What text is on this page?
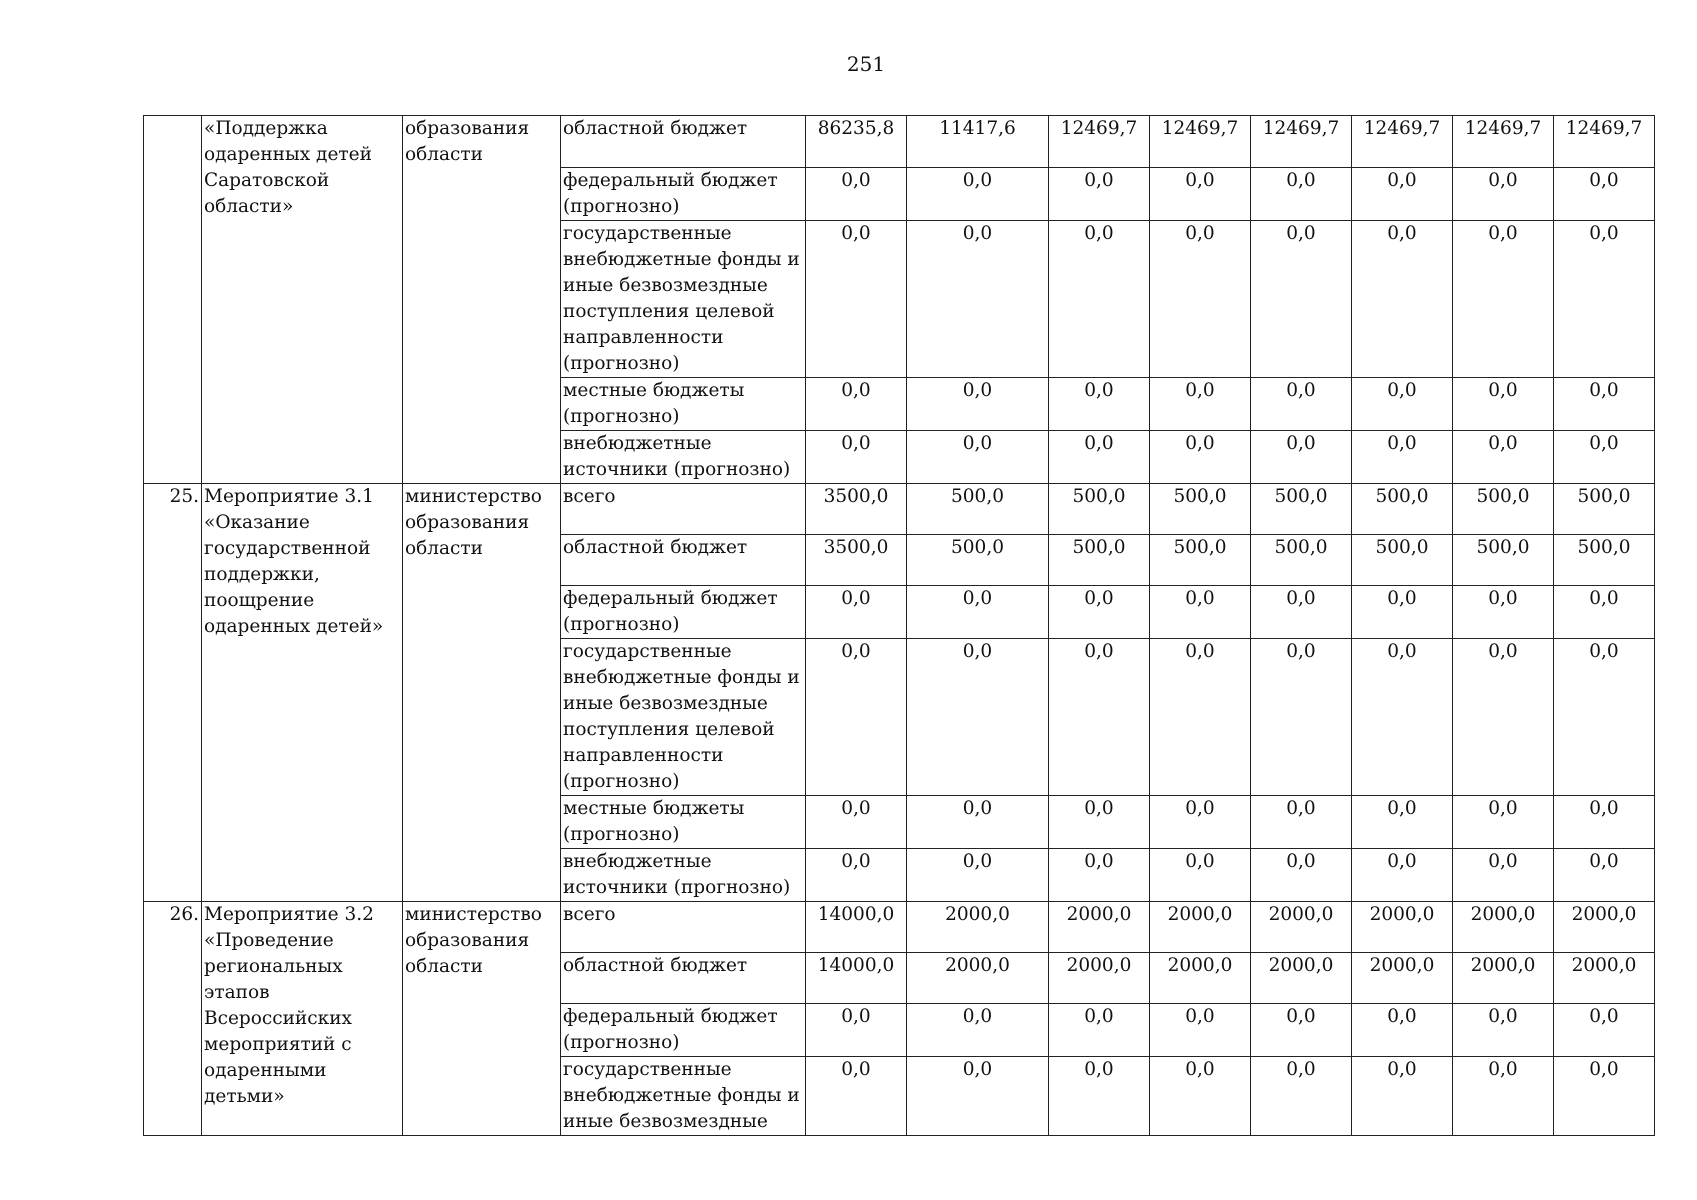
251
	«Поддержка одаренных детей Саратовской области»	образования области	областной бюджет	86235,8	11417,6	12469,7	12469,7	12469,7	12469,7	12469,7	12469,7
			федеральный бюджет (прогнозно)	0,0	0,0	0,0	0,0	0,0	0,0	0,0	0,0
			государственные внебюджетные фонды и иные безвозмездные поступления целевой направленности (прогнозно)	0,0	0,0	0,0	0,0	0,0	0,0	0,0	0,0
			местные бюджеты (прогнозно)	0,0	0,0	0,0	0,0	0,0	0,0	0,0	0,0
			внебюджетные источники (прогнозно)	0,0	0,0	0,0	0,0	0,0	0,0	0,0	0,0
25.	Мероприятие 3.1 «Оказание государственной поддержки, поощрение одаренных детей»	министерство образования области	всего	3500,0	500,0	500,0	500,0	500,0	500,0	500,0	500,0
			областной бюджет	3500,0	500,0	500,0	500,0	500,0	500,0	500,0	500,0
			федеральный бюджет (прогнозно)	0,0	0,0	0,0	0,0	0,0	0,0	0,0	0,0
			государственные внебюджетные фонды и иные безвозмездные поступления целевой направленности (прогнозно)	0,0	0,0	0,0	0,0	0,0	0,0	0,0	0,0
			местные бюджеты (прогнозно)	0,0	0,0	0,0	0,0	0,0	0,0	0,0	0,0
			внебюджетные источники (прогнозно)	0,0	0,0	0,0	0,0	0,0	0,0	0,0	0,0
26.	Мероприятие 3.2 «Проведение региональных этапов Всероссийских мероприятий с одаренными детьми»	министерство образования области	всего	14000,0	2000,0	2000,0	2000,0	2000,0	2000,0	2000,0	2000,0
			областной бюджет	14000,0	2000,0	2000,0	2000,0	2000,0	2000,0	2000,0	2000,0
			федеральный бюджет (прогнозно)	0,0	0,0	0,0	0,0	0,0	0,0	0,0	0,0
			государственные внебюджетные фонды и иные безвозмездные	0,0	0,0	0,0	0,0	0,0	0,0	0,0	0,0
